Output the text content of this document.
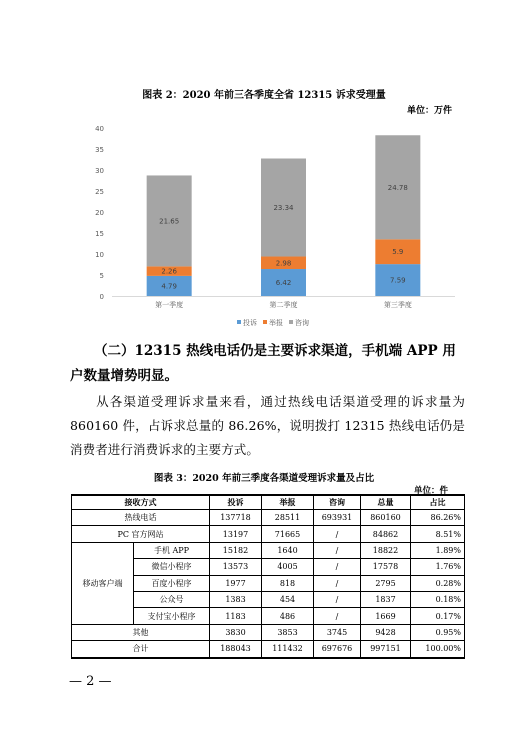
图表 2：2020 年前三各季度全省 12315 诉求受理量
单位：万件
0
5
10
15
20
25
30
35
40
4.79
2.26
21.65
6.42
2.98
23.34
7.59
5.9
24.78
第一季度	第二季度	第三季度
投诉 举报 咨询
（二）12315 热线电话仍是主要诉求渠道，手机端 APP 用户数量增势明显。
从各渠道受理诉求量来看，通过热线电话渠道受理的诉求量为 860160 件，占诉求总量的 86.26%，说明拨打 12315 热线电话仍是消费者进行消费诉求的主要方式。
图表 3：2020 年前三季度各渠道受理诉求量及占比
单位：件
接收方式		投诉	举报	咨询	总量	占比
热线电话		137718	28511	693931	860160	86.26%
PC 官方网站		13197	71665	/	84862	8.51%
移动客户端	手机 APP	15182	1640	/	18822	1.89%
	微信小程序	13573	4005	/	17578	1.76%
	百度小程序	1977	818	/	2795	0.28%
	公众号	1383	454	/	1837	0.18%
	支付宝小程序	1183	486	/	1669	0.17%
其他		3830	3853	3745	9428	0.95%
合计		188043	111432	697676	997151	100.00%
— 2 —
